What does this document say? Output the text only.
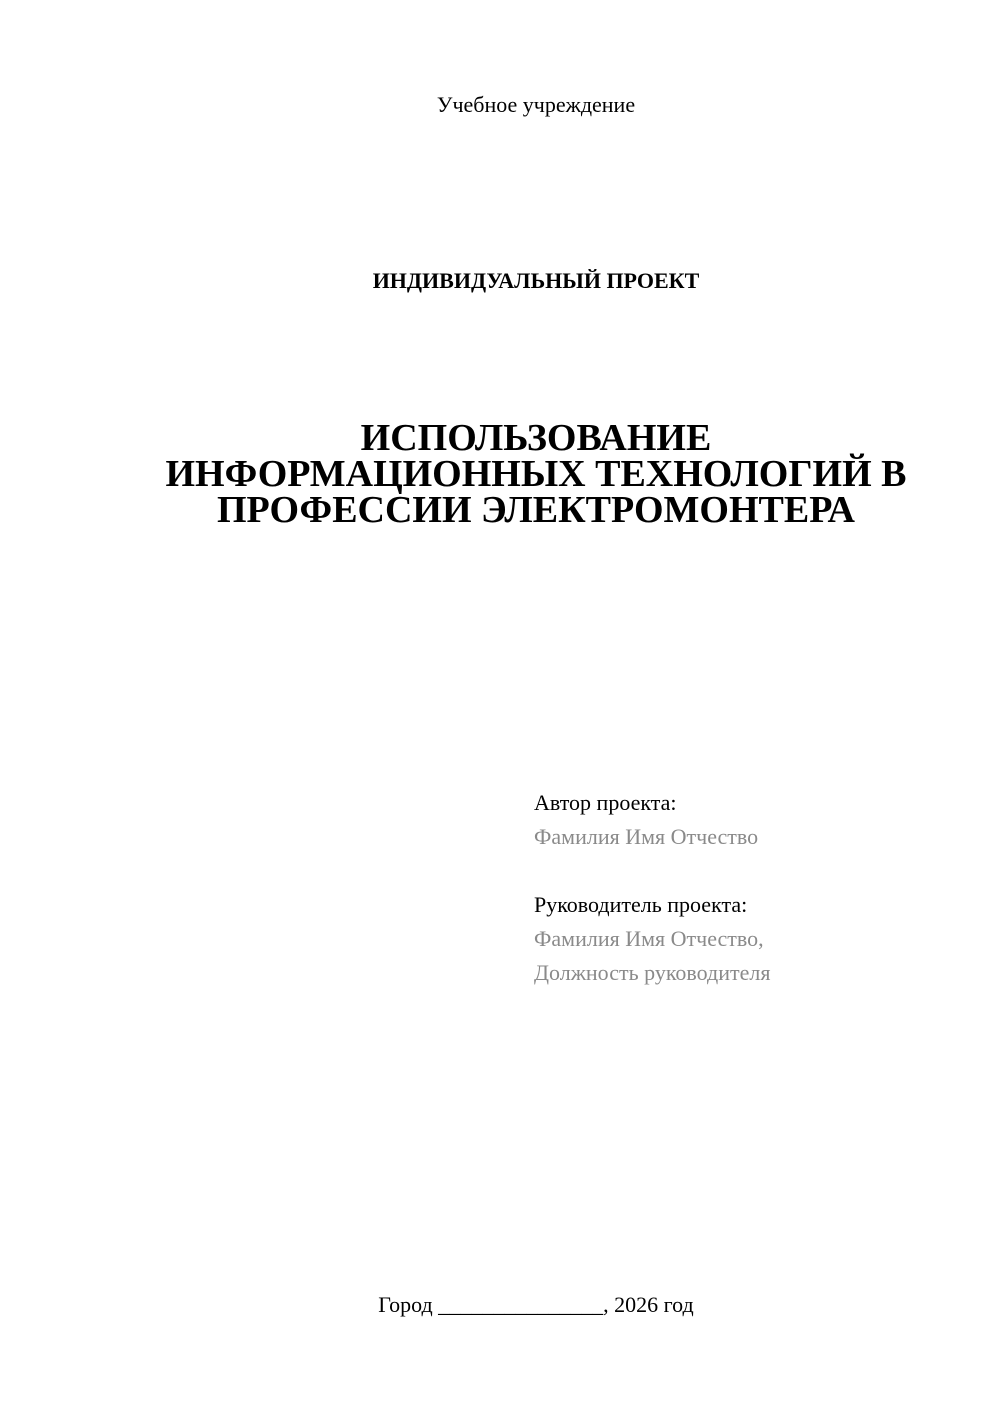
Учебное учреждение
ИНДИВИДУАЛЬНЫЙ ПРОЕКТ
ИСПОЛЬЗОВАНИЕ
ИНФОРМАЦИОННЫХ ТЕХНОЛОГИЙ В
ПРОФЕССИИ ЭЛЕКТРОМОНТЕРА
Автор проекта:
Фамилия Имя Отчество
Руководитель проекта:
Фамилия Имя Отчество,
Должность руководителя
Город _______________, 2026 год
